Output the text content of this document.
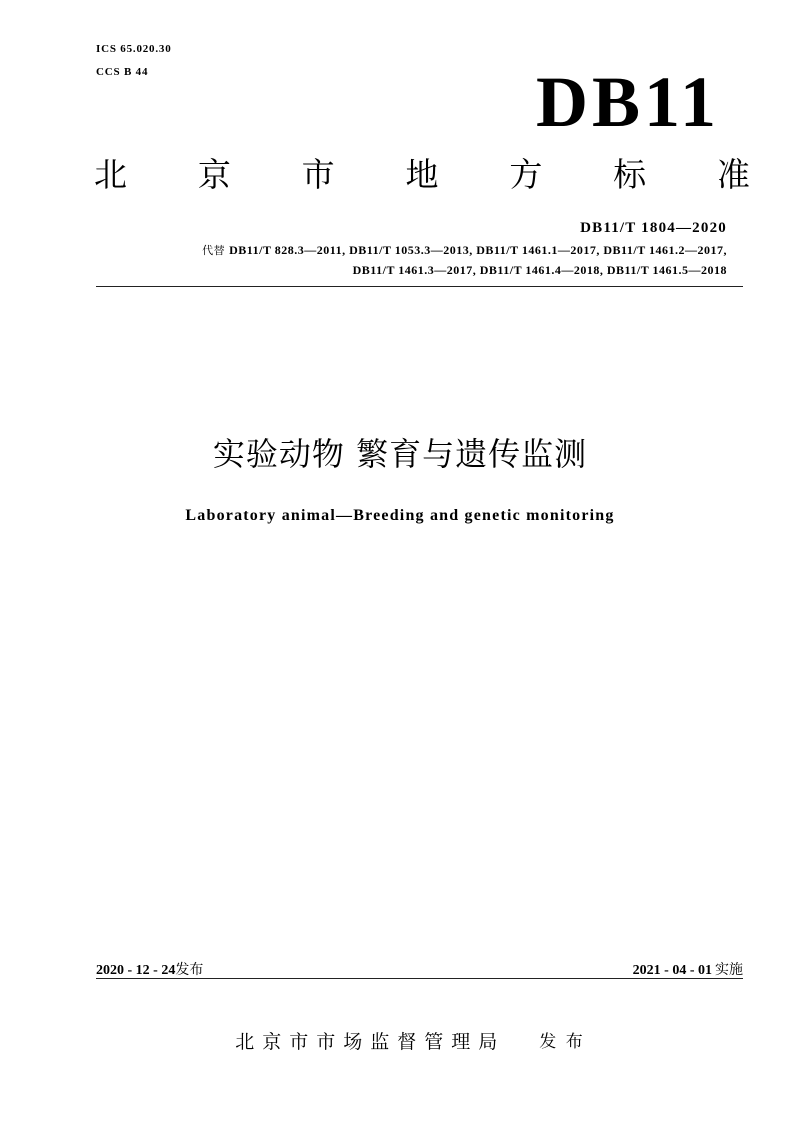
ICS 65.020.30
CCS B 44	DB11
北 京 市 地 方 标 准
DB11/T 1804—2020
代替 DB11/T 828.3—2011, DB11/T 1053.3—2013, DB11/T 1461.1—2017, DB11/T 1461.2—2017,
DB11/T 1461.3—2017, DB11/T 1461.4—2018, DB11/T 1461.5—2018
实验动物 繁育与遗传监测
Laboratory animal—Breeding and genetic monitoring
2020 - 12 - 24发布	2021 - 04 - 01 实施
北京市市场监督管理局 发 布
